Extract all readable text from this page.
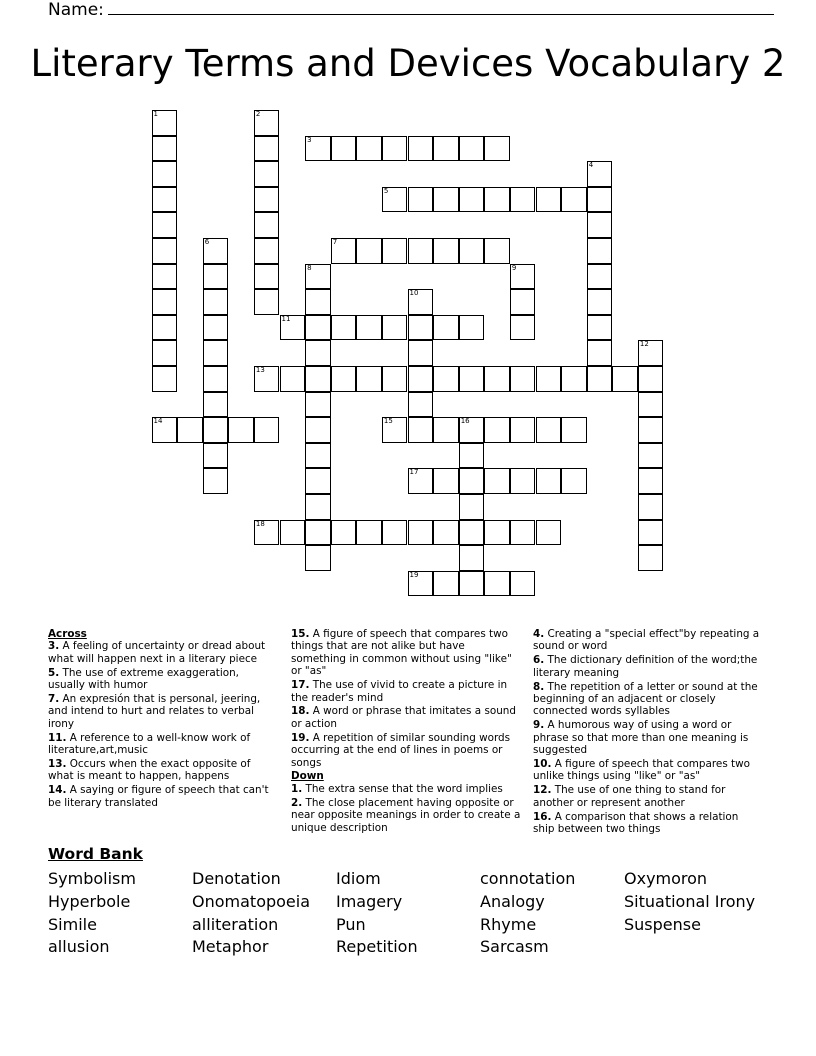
Name:
Literary Terms and Devices Vocabulary 2
1	2
3
4
5
6	7
8	9
10
11
12
13
14	15	16
17
18
19
Across
3. A feeling of uncertainty or dread about what will happen next in a literary piece
5. The use of extreme exaggeration, usually with humor
7. An expresión that is personal, jeering, and intend to hurt and relates to verbal irony
11. A reference to a well-know work of literature,art,music
13. Occurs when the exact opposite of what is meant to happen, happens
14. A saying or figure of speech that can't be literary translated
15. A figure of speech that compares two things that are not alike but have something in common without using "like" or "as"
17. The use of vivid to create a picture in the reader's mind
18. A word or phrase that imitates a sound or action
19. A repetition of similar sounding words occurring at the end of lines in poems or songs
Down
1. The extra sense that the word implies
2. The close placement having opposite or near opposite meanings in order to create a unique description
4. Creating a "special effect"by repeating a sound or word
6. The dictionary definition of the word;the literary meaning
8. The repetition of a letter or sound at the beginning of an adjacent or closely connected words syllables
9. A humorous way of using a word or phrase so that more than one meaning is suggested
10. A figure of speech that compares two unlike things using "like" or "as"
12. The use of one thing to stand for another or represent another
16. A comparison that shows a relation ship between two things
Word Bank
Symbolism
Hyperbole
Simile
allusion
Denotation
Onomatopoeia
alliteration
Metaphor
Idiom
Imagery
Pun
Repetition
connotation
Analogy
Rhyme
Sarcasm
Oxymoron
Situational Irony
Suspense
